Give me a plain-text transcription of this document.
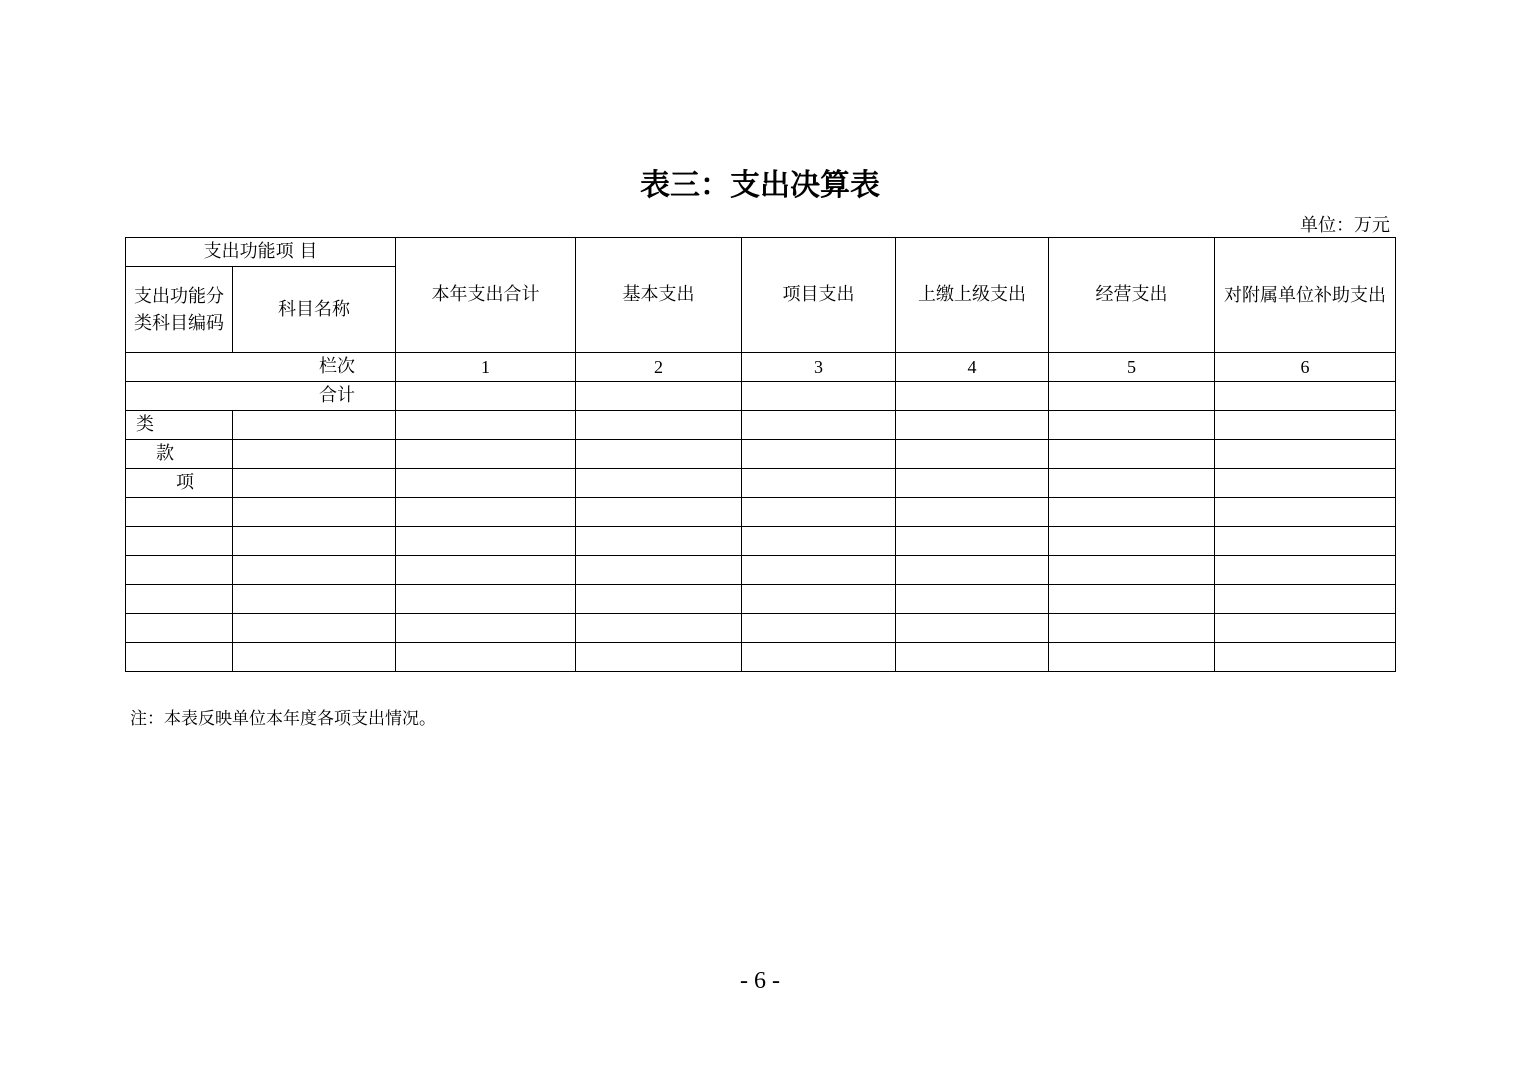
表三：支出决算表
单位：万元
支出功能项 目		本年支出合计	基本支出	项目支出	上缴上级支出	经营支出	对附属单位补助支出
支出功能分类科目编码	科目名称						
栏次		1	2	3	4	5	6
合计							
类							
款							
项							

注：本表反映单位本年度各项支出情况。
- 6 -
